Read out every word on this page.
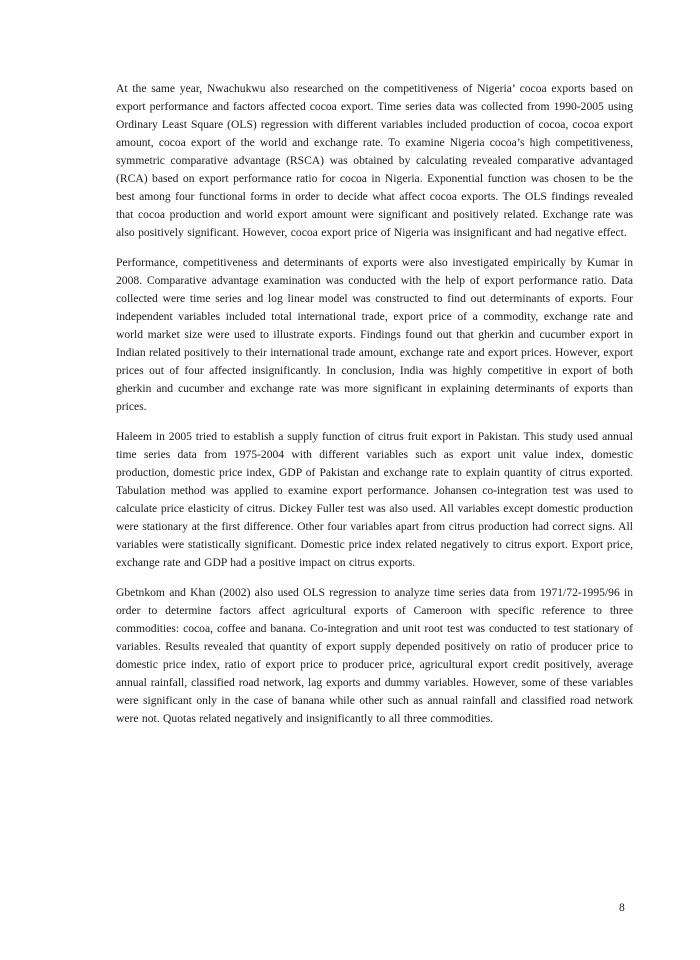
At the same year, Nwachukwu also researched on the competitiveness of Nigeria’ cocoa exports based on export performance and factors affected cocoa export. Time series data was collected from 1990-2005 using Ordinary Least Square (OLS) regression with different variables included production of cocoa, cocoa export amount, cocoa export of the world and exchange rate. To examine Nigeria cocoa’s high competitiveness, symmetric comparative advantage (RSCA) was obtained by calculating revealed comparative advantaged (RCA) based on export performance ratio for cocoa in Nigeria. Exponential function was chosen to be the best among four functional forms in order to decide what affect cocoa exports. The OLS findings revealed that cocoa production and world export amount were significant and positively related. Exchange rate was also positively significant. However, cocoa export price of Nigeria was insignificant and had negative effect.

Performance, competitiveness and determinants of exports were also investigated empirically by Kumar in 2008. Comparative advantage examination was conducted with the help of export performance ratio. Data collected were time series and log linear model was constructed to find out determinants of exports. Four independent variables included total international trade, export price of a commodity, exchange rate and world market size were used to illustrate exports. Findings found out that gherkin and cucumber export in Indian related positively to their international trade amount, exchange rate and export prices. However, export prices out of four affected insignificantly. In conclusion, India was highly competitive in export of both gherkin and cucumber and exchange rate was more significant in explaining determinants of exports than prices.

Haleem in 2005 tried to establish a supply function of citrus fruit export in Pakistan. This study used annual time series data from 1975-2004 with different variables such as export unit value index, domestic production, domestic price index, GDP of Pakistan and exchange rate to explain quantity of citrus exported. Tabulation method was applied to examine export performance. Johansen co-integration test was used to calculate price elasticity of citrus. Dickey Fuller test was also used. All variables except domestic production were stationary at the first difference. Other four variables apart from citrus production had correct signs. All variables were statistically significant. Domestic price index related negatively to citrus export. Export price, exchange rate and GDP had a positive impact on citrus exports.

Gbetnkom and Khan (2002) also used OLS regression to analyze time series data from 1971/72-1995/96 in order to determine factors affect agricultural exports of Cameroon with specific reference to three commodities: cocoa, coffee and banana. Co-integration and unit root test was conducted to test stationary of variables. Results revealed that quantity of export supply depended positively on ratio of producer price to domestic price index, ratio of export price to producer price, agricultural export credit positively, average annual rainfall, classified road network, lag exports and dummy variables. However, some of these variables were significant only in the case of banana while other such as annual rainfall and classified road network were not. Quotas related negatively and insignificantly to all three commodities.

8
